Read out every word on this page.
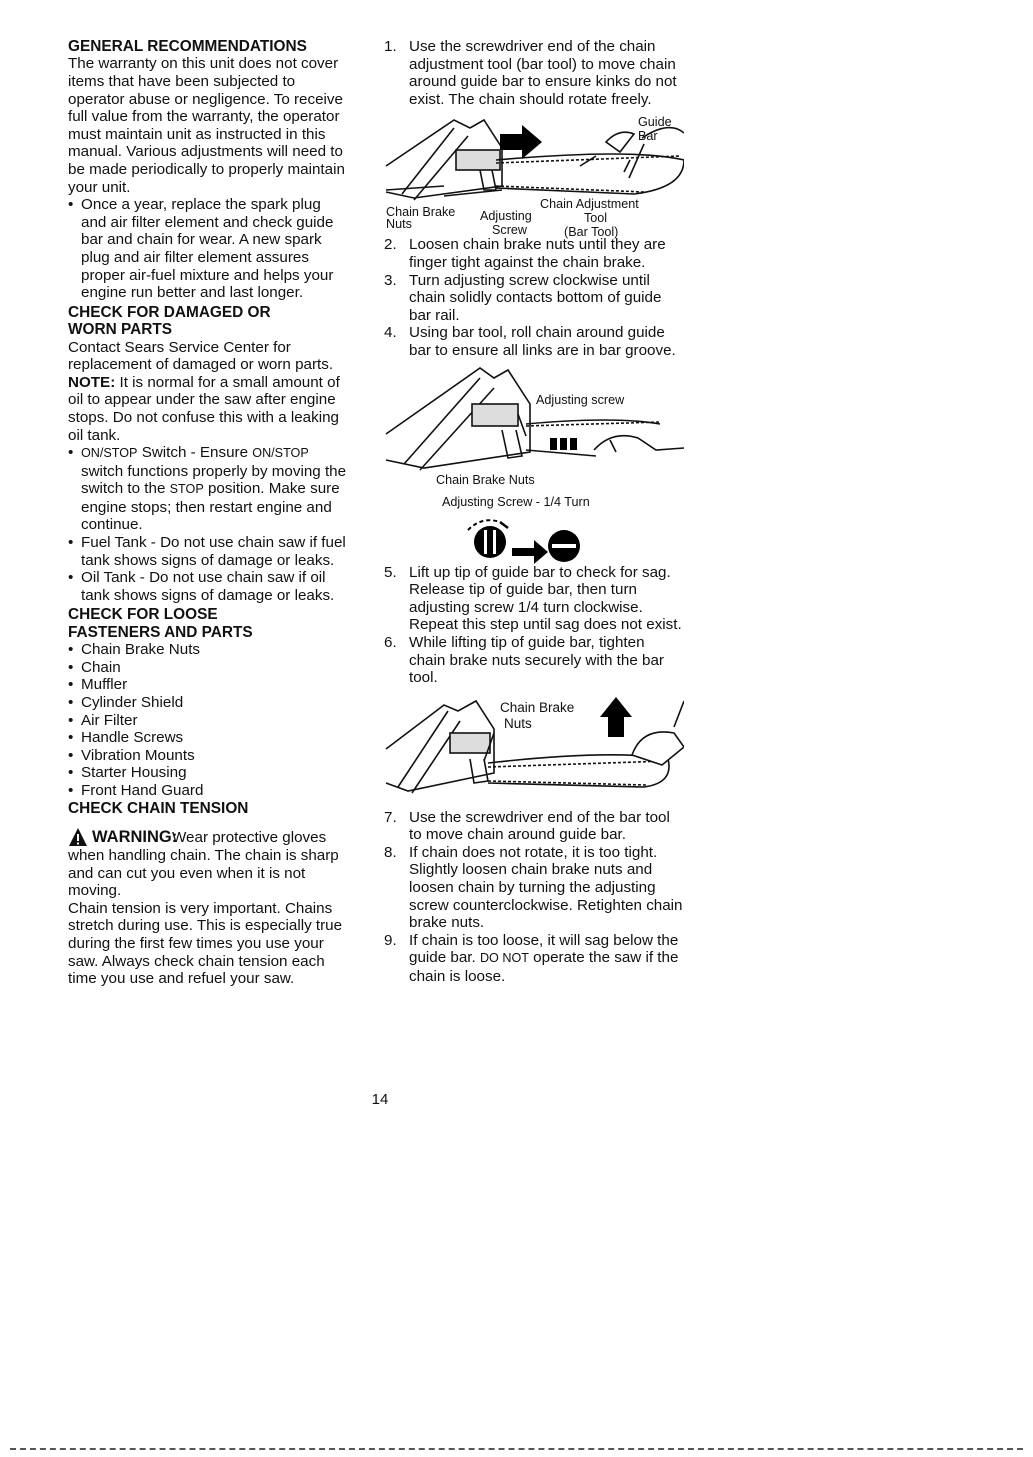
GENERAL RECOMMENDATIONS

The warranty on this unit does not cover items that have been subjected to operator abuse or negligence. To receive full value from the warranty, the operator must maintain unit as instructed in this manual. Various adjustments will need to be made periodically to properly maintain your unit.

• Once a year, replace the spark plug and air filter element and check guide bar and chain for wear. A new spark plug and air filter element assures proper air-fuel mixture and helps your engine run better and last longer.

CHECK FOR DAMAGED OR

WORN PARTS

Contact Sears Service Center for replacement of damaged or worn parts.

NOTE: It is normal for a small amount of oil to appear under the saw after engine stops. Do not confuse this with a leaking oil tank.

• ON/STOP Switch - Ensure ON/STOP switch functions properly by moving the switch to the STOP position. Make sure engine stops; then restart engine and continue.

• Fuel Tank - Do not use chain saw if fuel tank shows signs of damage or leaks.

• Oil Tank - Do not use chain saw if oil tank shows signs of damage or leaks.

CHECK FOR LOOSE

FASTENERS AND PARTS

• Chain Brake Nuts

• Chain

• Muffler

• Cylinder Shield

• Air Filter

• Handle Screws

• Vibration Mounts

• Starter Housing

• Front Hand Guard

CHECK CHAIN TENSION

WARNING:

Wear protective gloves when handling chain. The chain is sharp and can cut you even when it is not moving.

Chain tension is very important. Chains stretch during use. This is especially true during the first few times you use your saw. Always check chain tension each time you use and refuel your saw.

1. Use the screwdriver end of the chain adjustment tool (bar tool) to move chain around guide bar to ensure kinks do not exist. The chain should rotate freely.

Guide
Bar
Chain Brake
Nuts
Adjusting
Screw
Chain Adjustment
Tool
(Bar Tool)

2. Loosen chain brake nuts until they are finger tight against the chain brake.

3. Turn adjusting screw clockwise until chain solidly contacts bottom of guide bar rail.

4. Using bar tool, roll chain around guide bar to ensure all links are in bar groove.

Adjusting screw
Chain Brake Nuts
Adjusting Screw - 1/4 Turn

5. Lift up tip of guide bar to check for sag. Release tip of guide bar, then turn adjusting screw 1/4 turn clockwise. Repeat this step until sag does not exist.

6. While lifting tip of guide bar, tighten chain brake nuts securely with the bar tool.

Chain Brake
Nuts

7. Use the screwdriver end of the bar tool to move chain around guide bar.

8. If chain does not rotate, it is too tight. Slightly loosen chain brake nuts and loosen chain by turning the adjusting screw counterclockwise. Retighten chain brake nuts.

9. If chain is too loose, it will sag below the guide bar. DO NOT operate the saw if the chain is loose.

14
